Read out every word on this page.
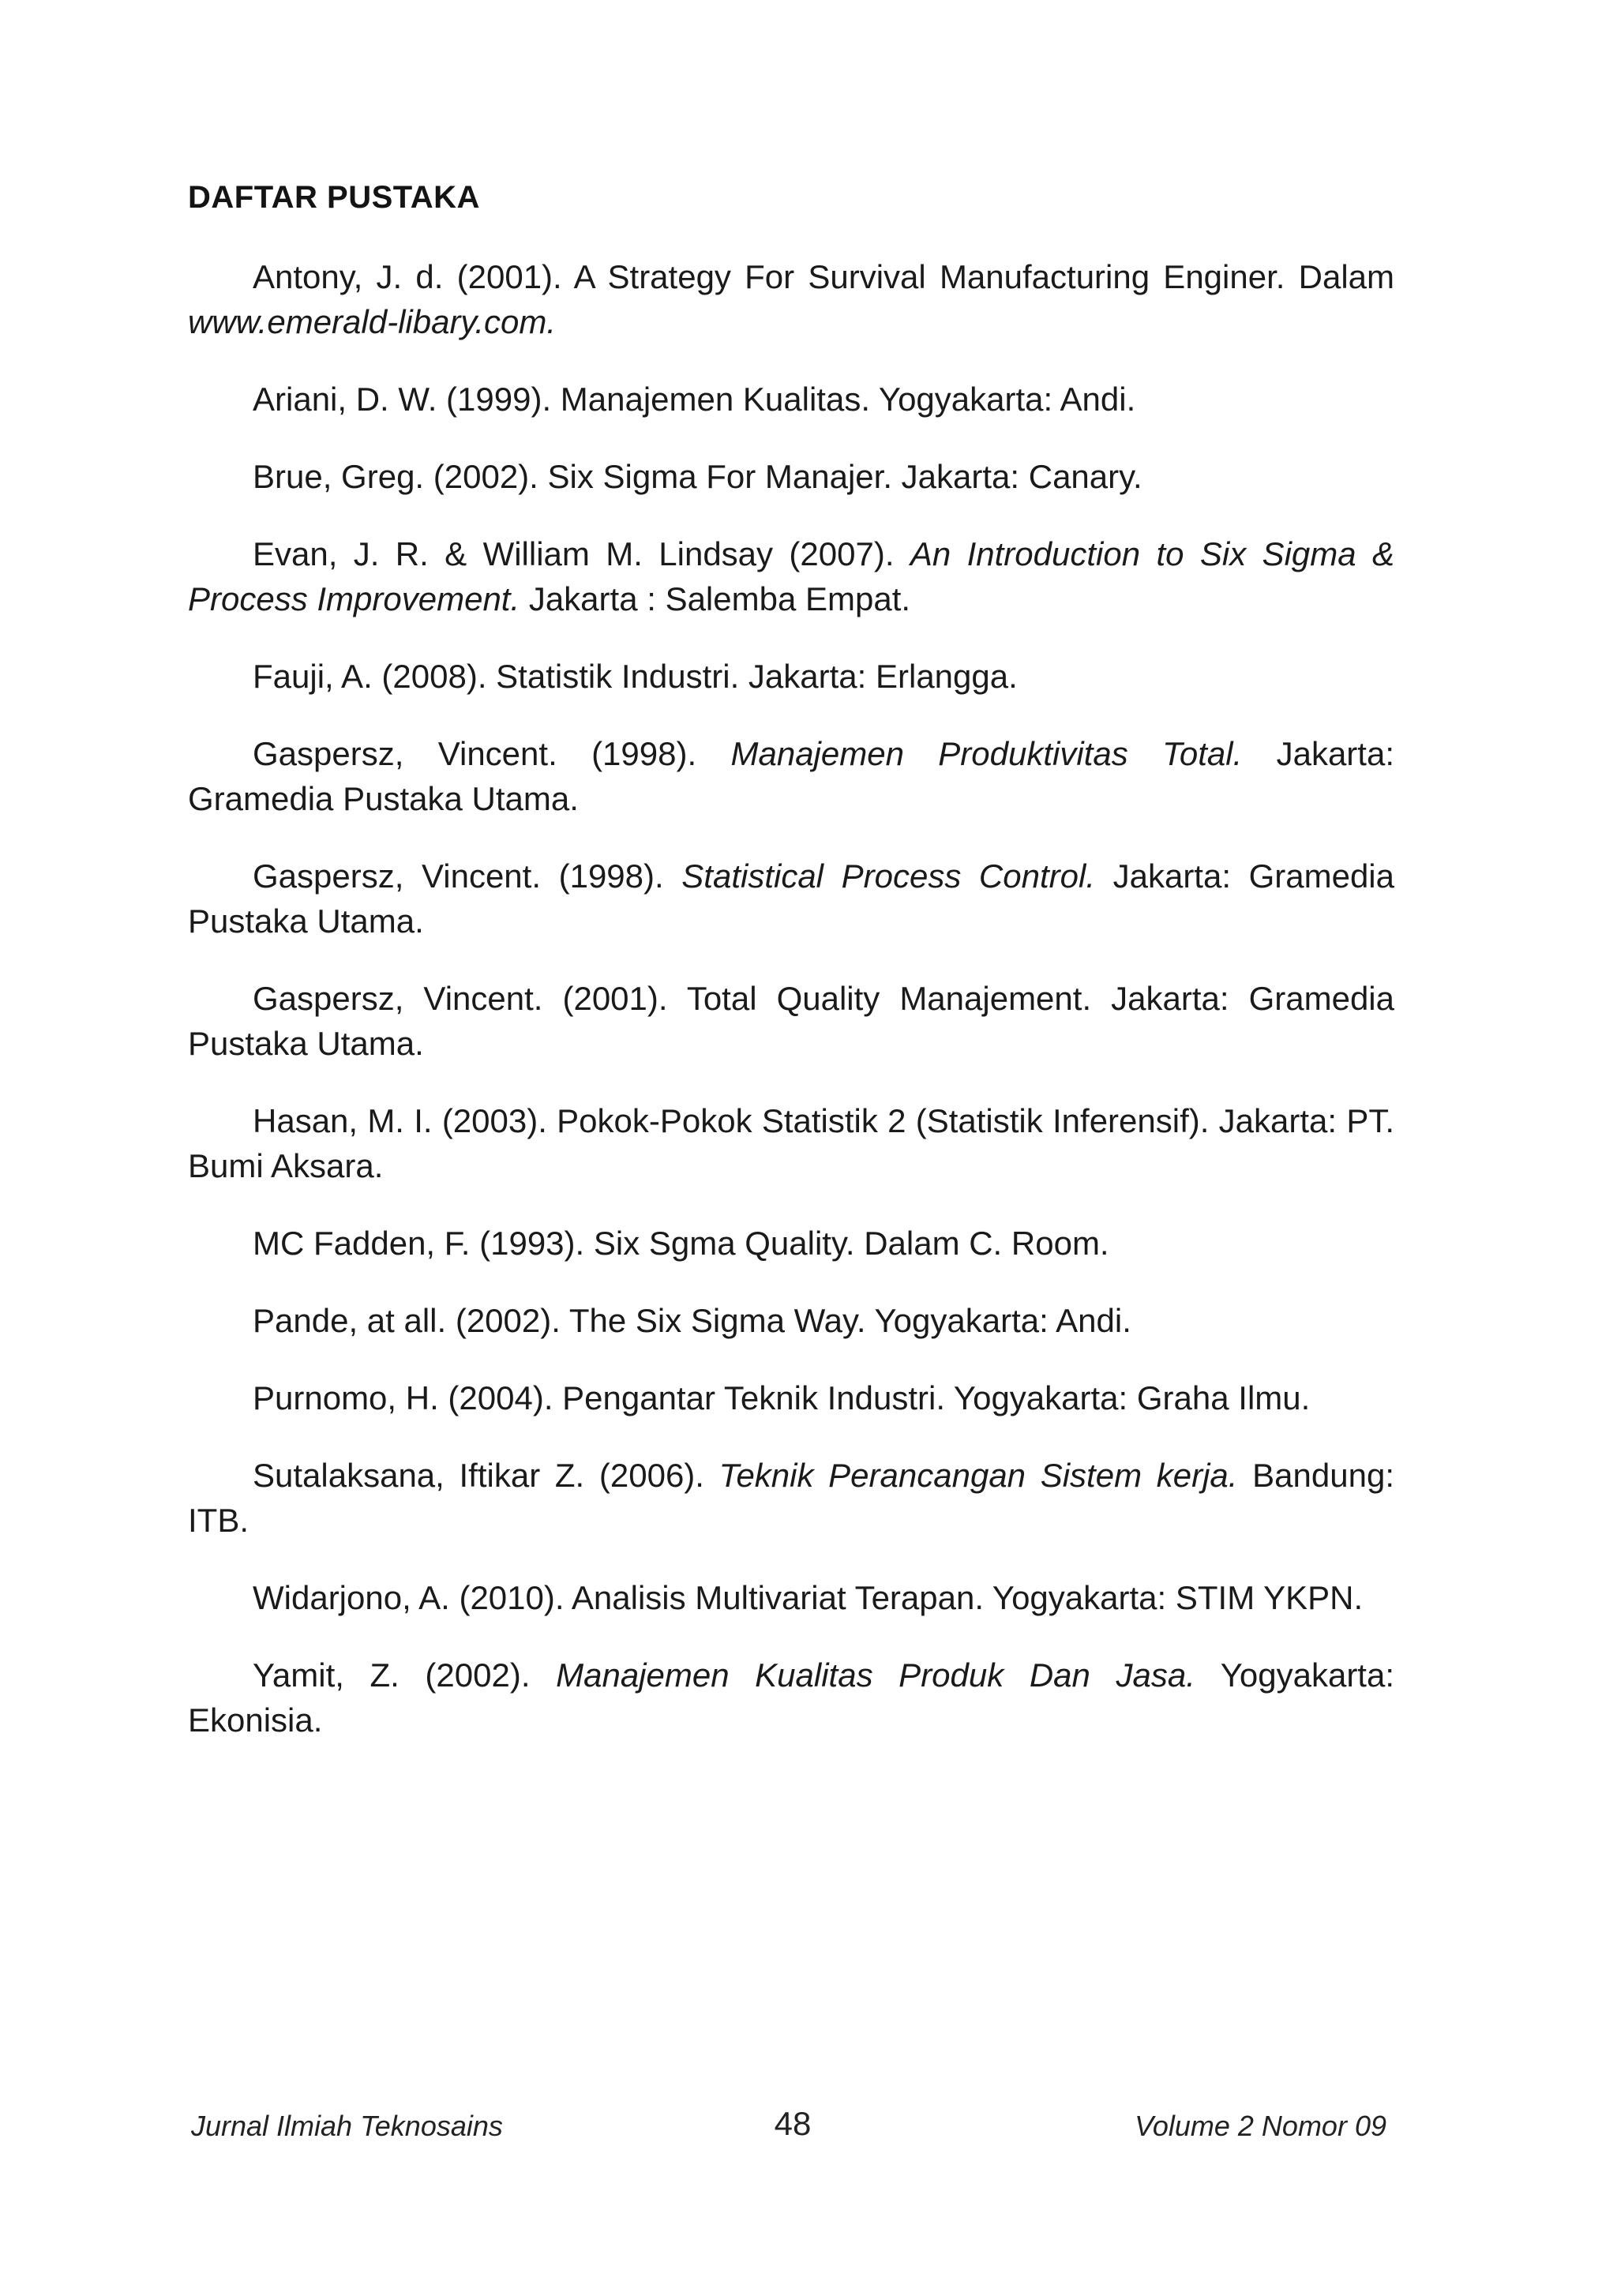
DAFTAR PUSTAKA
Antony, J. d. (2001). A Strategy For Survival Manufacturing Enginer. Dalam www.emerald-libary.com.
Ariani, D. W. (1999). Manajemen Kualitas. Yogyakarta: Andi.
Brue, Greg. (2002). Six Sigma For Manajer. Jakarta: Canary.
Evan, J. R. & William M. Lindsay (2007). An Introduction to Six Sigma & Process Improvement. Jakarta : Salemba Empat.
Fauji, A. (2008). Statistik Industri. Jakarta: Erlangga.
Gaspersz, Vincent. (1998). Manajemen Produktivitas Total. Jakarta: Gramedia Pustaka Utama.
Gaspersz, Vincent. (1998). Statistical Process Control. Jakarta: Gramedia Pustaka Utama.
Gaspersz, Vincent. (2001). Total Quality Manajement. Jakarta: Gramedia Pustaka Utama.
Hasan, M. I. (2003). Pokok-Pokok Statistik 2 (Statistik Inferensif). Jakarta: PT. Bumi Aksara.
MC Fadden, F. (1993). Six Sgma Quality. Dalam C. Room.
Pande, at all. (2002). The Six Sigma Way. Yogyakarta: Andi.
Purnomo, H. (2004). Pengantar Teknik Industri. Yogyakarta: Graha Ilmu.
Sutalaksana, Iftikar Z. (2006). Teknik Perancangan Sistem kerja. Bandung: ITB.
Widarjono, A. (2010). Analisis Multivariat Terapan. Yogyakarta: STIM YKPN.
Yamit, Z. (2002). Manajemen Kualitas Produk Dan Jasa. Yogyakarta: Ekonisia.
Jurnal Ilmiah Teknosains	48	Volume 2 Nomor 09
